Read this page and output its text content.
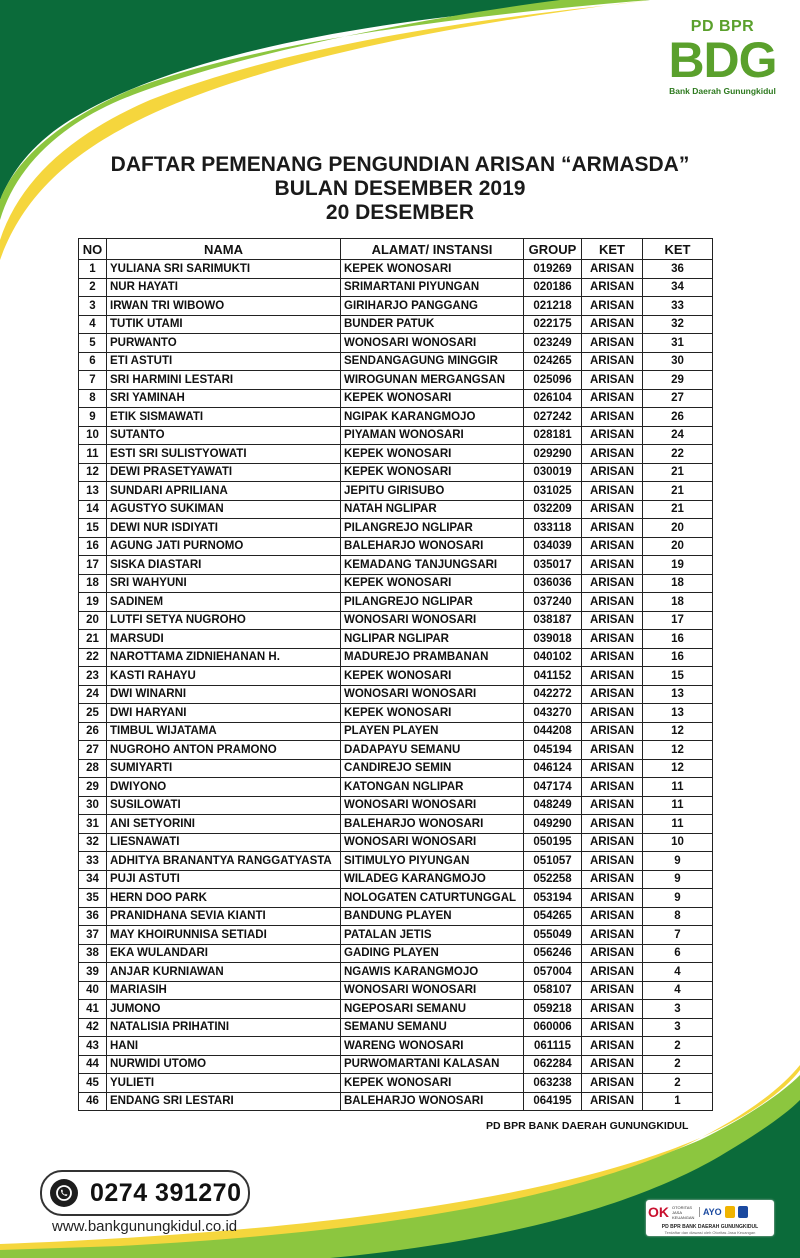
PD BPR
BDG
Bank Daerah Gunungkidul
DAFTAR PEMENANG PENGUNDIAN ARISAN “ARMASDA”
BULAN DESEMBER 2019
20 DESEMBER
NO	NAMA	ALAMAT/ INSTANSI	GROUP	KET	KET
1	YULIANA SRI SARIMUKTI	KEPEK WONOSARI	019269	ARISAN	36
2	NUR HAYATI	SRIMARTANI PIYUNGAN	020186	ARISAN	34
3	IRWAN TRI WIBOWO	GIRIHARJO PANGGANG	021218	ARISAN	33
4	TUTIK UTAMI	BUNDER PATUK	022175	ARISAN	32
5	PURWANTO	WONOSARI WONOSARI	023249	ARISAN	31
6	ETI ASTUTI	SENDANGAGUNG MINGGIR	024265	ARISAN	30
7	SRI HARMINI LESTARI	WIROGUNAN MERGANGSAN	025096	ARISAN	29
8	SRI YAMINAH	KEPEK WONOSARI	026104	ARISAN	27
9	ETIK SISMAWATI	NGIPAK KARANGMOJO	027242	ARISAN	26
10	SUTANTO	PIYAMAN WONOSARI	028181	ARISAN	24
11	ESTI SRI SULISTYOWATI	KEPEK WONOSARI	029290	ARISAN	22
12	DEWI PRASETYAWATI	KEPEK WONOSARI	030019	ARISAN	21
13	SUNDARI APRILIANA	JEPITU GIRISUBO	031025	ARISAN	21
14	AGUSTYO SUKIMAN	NATAH NGLIPAR	032209	ARISAN	21
15	DEWI NUR ISDIYATI	PILANGREJO NGLIPAR	033118	ARISAN	20
16	AGUNG JATI PURNOMO	BALEHARJO WONOSARI	034039	ARISAN	20
17	SISKA DIASTARI	KEMADANG TANJUNGSARI	035017	ARISAN	19
18	SRI WAHYUNI	KEPEK WONOSARI	036036	ARISAN	18
19	SADINEM	PILANGREJO NGLIPAR	037240	ARISAN	18
20	LUTFI SETYA NUGROHO	WONOSARI WONOSARI	038187	ARISAN	17
21	MARSUDI	NGLIPAR NGLIPAR	039018	ARISAN	16
22	NAROTTAMA ZIDNIEHANAN H.	MADUREJO PRAMBANAN	040102	ARISAN	16
23	KASTI RAHAYU	KEPEK WONOSARI	041152	ARISAN	15
24	DWI WINARNI	WONOSARI WONOSARI	042272	ARISAN	13
25	DWI HARYANI	KEPEK WONOSARI	043270	ARISAN	13
26	TIMBUL WIJATAMA	PLAYEN PLAYEN	044208	ARISAN	12
27	NUGROHO ANTON PRAMONO	DADAPAYU SEMANU	045194	ARISAN	12
28	SUMIYARTI	CANDIREJO SEMIN	046124	ARISAN	12
29	DWIYONO	KATONGAN NGLIPAR	047174	ARISAN	11
30	SUSILOWATI	WONOSARI WONOSARI	048249	ARISAN	11
31	ANI SETYORINI	BALEHARJO WONOSARI	049290	ARISAN	11
32	LIESNAWATI	WONOSARI WONOSARI	050195	ARISAN	10
33	ADHITYA BRANANTYA RANGGATYASTA	SITIMULYO PIYUNGAN	051057	ARISAN	9
34	PUJI ASTUTI	WILADEG KARANGMOJO	052258	ARISAN	9
35	HERN DOO PARK	NOLOGATEN CATURTUNGGAL	053194	ARISAN	9
36	PRANIDHANA SEVIA KIANTI	BANDUNG PLAYEN	054265	ARISAN	8
37	MAY KHOIRUNNISA SETIADI	PATALAN JETIS	055049	ARISAN	7
38	EKA WULANDARI	GADING PLAYEN	056246	ARISAN	6
39	ANJAR KURNIAWAN	NGAWIS KARANGMOJO	057004	ARISAN	4
40	MARIASIH	WONOSARI WONOSARI	058107	ARISAN	4
41	JUMONO	NGEPOSARI SEMANU	059218	ARISAN	3
42	NATALISIA PRIHATINI	SEMANU SEMANU	060006	ARISAN	3
43	HANI	WARENG WONOSARI	061115	ARISAN	2
44	NURWIDI UTOMO	PURWOMARTANI KALASAN	062284	ARISAN	2
45	YULIETI	KEPEK WONOSARI	063238	ARISAN	2
46	ENDANG SRI LESTARI	BALEHARJO WONOSARI	064195	ARISAN	1
PD BPR BANK DAERAH GUNUNGKIDUL
0274 391270
www.bankgunungkidul.co.id
OK OTORITAS JASA KEUANGAN AYO
PD BPR BANK DAERAH GUNUNGKIDUL
Terdaftar dan diawasi oleh Otoritas Jasa Keuangan
